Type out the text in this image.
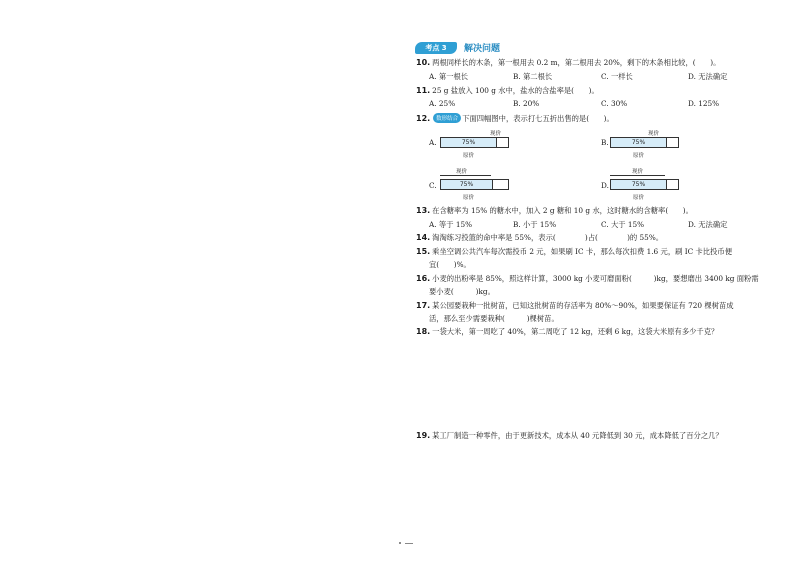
考点 3 解决问题
10. 两根同样长的木条，第一根用去 0.2 m，第二根用去 20%，剩下的木条相比较，(　　)。
A. 第一根长	B. 第二根长	C. 一样长	D. 无法确定
11. 25 g 盐放入 100 g 水中，盐水的含盐率是(　　)。
A. 25%	B. 20%	C. 30%	D. 125%
12. 数形结合 下面四幅图中，表示打七五折出售的是(　　)。
A.
现价
75%
原价
B.
现价
75%
原价
C.
现价
75%
原价
D.
现价
75%
原价
13. 在含糖率为 15% 的糖水中，加入 2 g 糖和 10 g 水，这时糖水的含糖率(　　)。
A. 等于 15%	B. 小于 15%	C. 大于 15%	D. 无法确定
14. 淘淘练习投篮的命中率是 55%，表示(　　　　)占(　　　　)的 55%。
15. 乘坐空调公共汽车每次需投币 2 元，如果刷 IC 卡，那么每次扣费 1.6 元，刷 IC 卡比投币便
宜(　　)%。
16. 小麦的出粉率是 85%，照这样计算，3000 kg 小麦可磨面粉(　　　)kg，要想磨出 3400 kg 面粉需
要小麦(　　　)kg。
17. 某公园要栽种一批树苗，已知这批树苗的存活率为 80%～90%，如果要保证有 720 棵树苗成
活，那么至少需要栽种(　　　)棵树苗。
18. 一袋大米，第一周吃了 40%，第二周吃了 12 kg，还剩 6 kg，这袋大米原有多少千克？
19. 某工厂制造一种零件，由于更新技术，成本从 40 元降低到 30 元，成本降低了百分之几？
